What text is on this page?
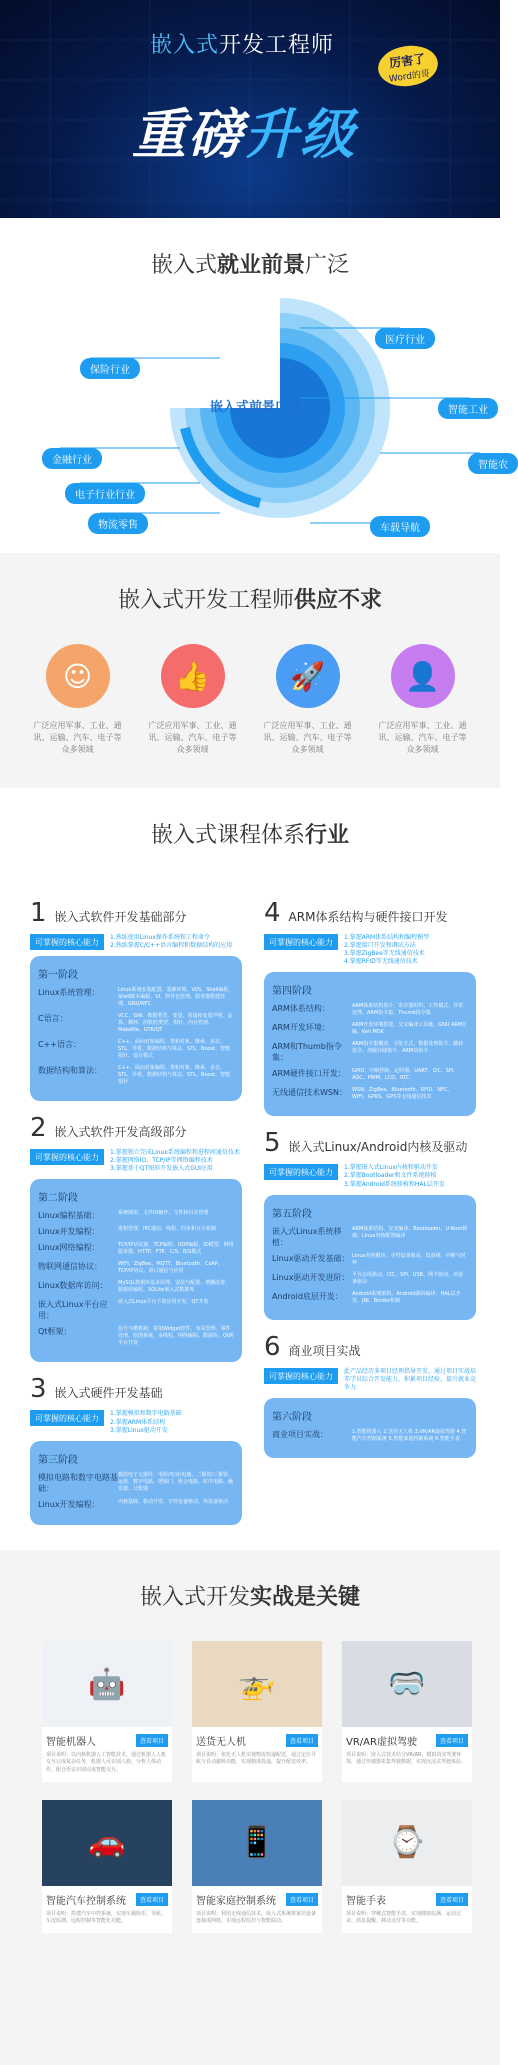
嵌入式开发工程师
重磅升级
厉害了
Word的哥
嵌入式就业前景广泛
医疗行业
保险行业
智能工业
金融行业	智能农
电子行业行业
物流零售	车载导航
嵌入式前景广泛
嵌入式开发工程师供应不求
☺

广泛应用军事、工业、通讯、运输、汽车、电子等众多领域

👍

广泛应用军事、工业、通讯、运输、汽车、电子等众多领域

🚀

广泛应用军事、工业、通讯、运输、汽车、电子等众多领域

👤

广泛应用军事、工业、通讯、运输、汽车、电子等众多领域

嵌入式课程体系行业
1 嵌入式软件开发基础部分
可掌握的核心能力
1.熟练使用Linux操作系统和工程命令
2.熟练掌握C/C++语言编程和数据结构的应用
第一阶段
Linux系统管理：	Linux系统安装配置、基础环境、VI/S、Shell编程、Shell脚本编程、VI、软件包管理、服务器搭建管理、GNU/NFC
C语言：	VCC、GNI、数据类型、变量、常量和变量声明、运算、循环、函数的类型、指针、内存管理、Makefile、GTK/QT
C++语言：	C++、面向对象编程、类和对象、继承、多态、STL、异常、数据结构与算法、STL、Boost、智能指针、设计模式
数据结构和算法：	C++、面向对象编程、类和对象、继承、多态、STL、异常、数据结构与算法、STL、Boost、智能指针
2 嵌入式软件开发高级部分
可掌握的核心能力
1.掌握独立完成Linux系统编程和进程间通信技术
2.掌握网络IO、TCP/IP等网络编程技术
3.掌握基于QT图形开发嵌入式GUI应用
第二阶段
Linux编程基础：	系统调用、文件IO操作、文件和目录管理
Linux并发编程：	进程管理、IPC通信、线程、同步和互斥机制
Linux网络编程：	TCP/IP协议族、TCP编程、UDP编程、IO模型、网络服务器、HTTP、FTP、C/S、B/S模式
物联网通信协议：	WIFI、ZigBee、MQTT、Bluetooth、CoAP、TCP/IP协议、串口通信与应用
Linux数据库访问：	MySQL数据库基本原理、安装与配置、增删改查、数据库编程、SQLite嵌入式数据库
嵌入式Linux平台应用：
嵌入式Linux平台下的应用开发、QT开发
Qt框架：	信号与槽机制、常用Widget控件、布局管理、事件处理、绘图系统、多线程、网络编程、数据库、Qt跨平台开发
3 嵌入式硬件开发基础
可掌握的核心能力
1.掌握模拟和数字电路基础
2.掌握ARM体系结构
3.掌握Linux驱动开发
第三阶段
模拟电路和数字电路基础：
模拟电子元器件、电阻/电容/电感、二极管/三极管、运放、数字电路、逻辑门、组合电路、时序电路、触发器、计数器
Linux开发编程：	内核基础、驱动开发、字符设备驱动、块设备驱动
4 ARM体系结构与硬件接口开发
可掌握的核心能力
1.掌握ARM体系结构和编程模型
2.掌握接口开发和调试方法
3.掌握ZigBee等无线通信技术
4.掌握RFID等无线通信技术
第四阶段
ARM体系结构：	ARM体系结构简介、寄存器组织、工作模式、异常处理、ARM指令集、Thumb指令集
ARM开发环境：	ARM开发环境搭建、交叉编译工具链、GNU ARM汇编、Keil MDK
ARM和Thumb指令集：
ARM指令集概述、寻址方式、数据处理指令、跳转指令、加载存储指令、ARM伪指令
ARM硬件接口开发：	GPIO、中断控制、定时器、UART、I2C、SPI、ADC、PWM、LCD、RTC
无线通信技术WSN：	WSN、ZigBee、Bluetooth、RFID、NFC、WIFI、GPRS、GPS等无线通信技术
5 嵌入式Linux/Android内核及驱动
可掌握的核心能力
1.掌握嵌入式Linux内核和驱动开发
2.掌握Bootloader和文件系统移植
3.掌握Android系统移植和HAL层开发
第五阶段
嵌入式Linux系统移植：
ARM体系结构、交叉编译、Bootloader、U-Boot移植、Linux内核配置编译
Linux驱动开发基础： Linux内核模块、字符设备驱动、设备树、中断与时钟
Linux驱动开发进阶： 平台总线驱动、I2C、SPI、USB、网卡驱动、块设备驱动
Android底层开发：	Android系统架构、Android源码编译、HAL层开发、JNI、Binder机制
6 商业项目实战
可掌握的核心能力
此产品经历多项目经理指导开发，通过项目实战培养学员综合开发能力，积累项目经验，提升就业竞争力
第六阶段
商业项目实战：	1.智能机器人 2.送货无人机 3.VR/AR虚拟驾驶 4.智能汽车控制系统 5.智能家庭控制系统 6.智能手表
嵌入式开发实战是关键
🤖
智能机器人	查看项目
项目说明：以内核机器人工智能技术，通过机器人人机交互完成复杂任务，机器人可识别人脸、分析人体动作、配合语音识别完成智能交互。
🚁
送货无人机	查看项目
项目说明：依托无人机实现物流快递配送，通过定位导航与自动避障功能，实现精准投递，提升配送效率。
🥽
VR/AR虚拟驾驶	查看项目
项目说明：嵌入式技术结合VR/AR，模拟真实驾驶环境，通过传感器采集驾驶数据，实现沉浸式驾驶体验。
🚗
智能汽车控制系统	查看项目
项目说明：搭建汽车中控系统，实现车载娱乐、导航、车况监测、远程控制等智能化功能。
📱
智能家庭控制系统	查看项目
项目说明：利用无线通信技术，嵌入式系统将家居设备连接成网络，实现远程监控与智能联动。
⌚
智能手表	查看项目
项目说明：穿戴式智能手表，实现健康监测、运动记录、消息提醒、移动支付等功能。
